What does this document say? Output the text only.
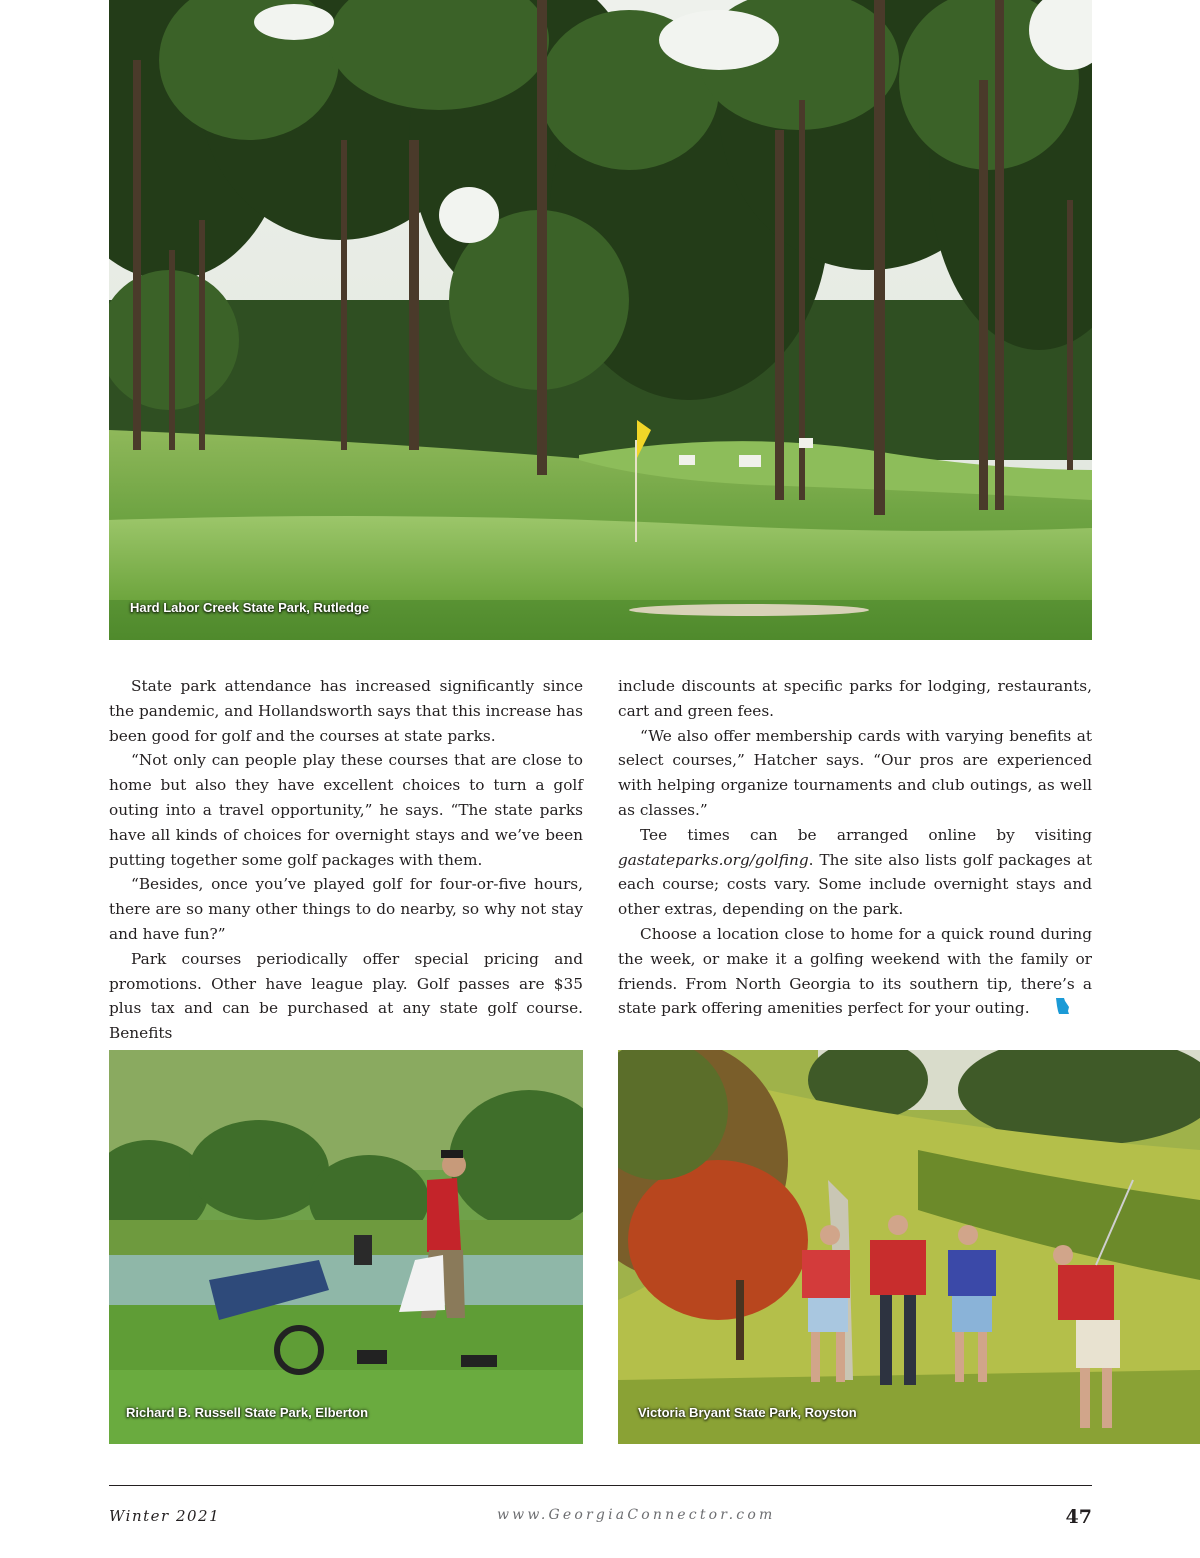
Hard Labor Creek State Park, Rutledge

State park attendance has increased significantly since the pandemic, and Hollandsworth says that this increase has been good for golf and the courses at state parks.

“Not only can people play these courses that are close to home but also they have excellent choices to turn a golf outing into a travel opportunity,” he says. “The state parks have all kinds of choices for overnight stays and we’ve been putting together some golf packages with them.

“Besides, once you’ve played golf for four-or-five hours, there are so many other things to do nearby, so why not stay and have fun?”

Park courses periodically offer special pricing and promotions. Other have league play. Golf passes are $35 plus tax and can be purchased at any state golf course. Benefits

include discounts at specific parks for lodging, restaurants, cart and green fees.

“We also offer membership cards with varying benefits at select courses,” Hatcher says. “Our pros are experienced with helping organize tournaments and club outings, as well as classes.”

Tee times can be arranged online by visiting gastateparks.org/golfing. The site also lists golf packages at each course; costs vary. Some include overnight stays and other extras, depending on the park.

Choose a location close to home for a quick round during the week, or make it a golfing weekend with the family or friends. From North Georgia to its southern tip, there’s a state park offering amenities perfect for your outing.

Richard B. Russell State Park, Elberton	Victoria Bryant State Park, Royston
Winter 2021	www.GeorgiaConnector.com	47
